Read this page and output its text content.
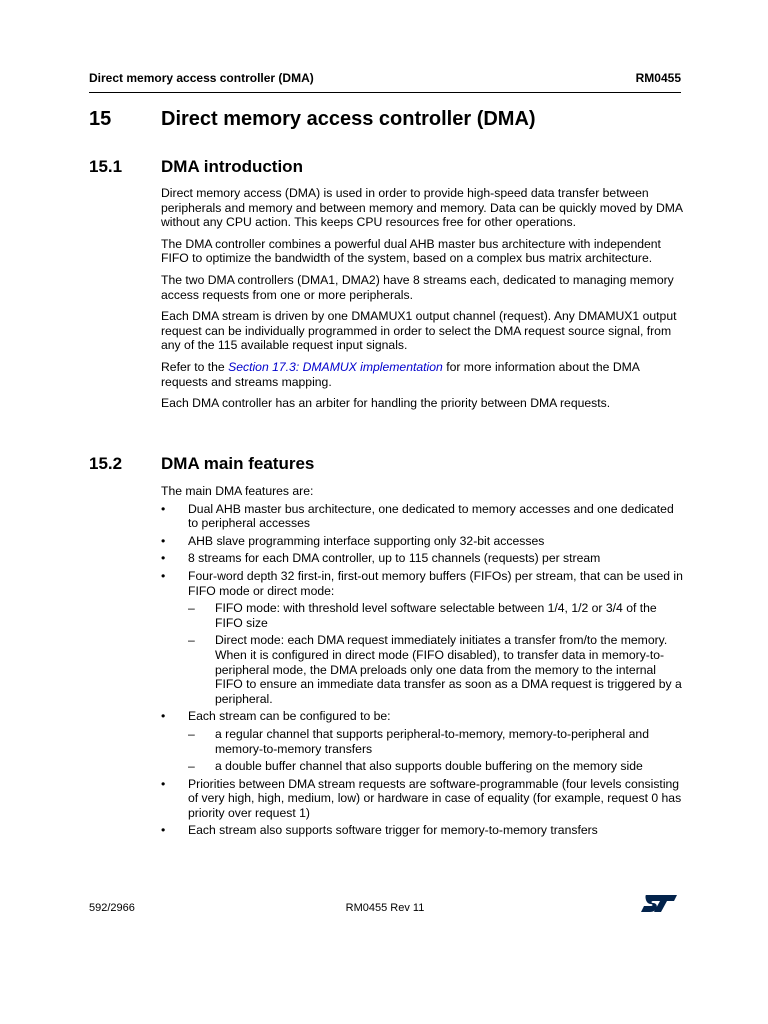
Direct memory access controller (DMA)	RM0455
15 Direct memory access controller (DMA)
15.1 DMA introduction

Direct memory access (DMA) is used in order to provide high-speed data transfer between peripherals and memory and between memory and memory. Data can be quickly moved by DMA without any CPU action. This keeps CPU resources free for other operations.

The DMA controller combines a powerful dual AHB master bus architecture with independent FIFO to optimize the bandwidth of the system, based on a complex bus matrix architecture.

The two DMA controllers (DMA1, DMA2) have 8 streams each, dedicated to managing memory access requests from one or more peripherals.

Each DMA stream is driven by one DMAMUX1 output channel (request). Any DMAMUX1 output request can be individually programmed in order to select the DMA request source signal, from any of the 115 available request input signals.

Refer to the Section 17.3: DMAMUX implementation for more information about the DMA requests and streams mapping.

Each DMA controller has an arbiter for handling the priority between DMA requests.

15.2 DMA main features

The main DMA features are:

• Dual AHB master bus architecture, one dedicated to memory accesses and one dedicated to peripheral accesses
• AHB slave programming interface supporting only 32-bit accesses
• 8 streams for each DMA controller, up to 115 channels (requests) per stream
• Four-word depth 32 first-in, first-out memory buffers (FIFOs) per stream, that can be used in FIFO mode or direct mode:
– FIFO mode: with threshold level software selectable between 1/4, 1/2 or 3/4 of the FIFO size
– Direct mode: each DMA request immediately initiates a transfer from/to the memory. When it is configured in direct mode (FIFO disabled), to transfer data in memory-to-peripheral mode, the DMA preloads only one data from the memory to the internal FIFO to ensure an immediate data transfer as soon as a DMA request is triggered by a peripheral.
• Each stream can be configured to be:
– a regular channel that supports peripheral-to-memory, memory-to-peripheral and memory-to-memory transfers
– a double buffer channel that also supports double buffering on the memory side
• Priorities between DMA stream requests are software-programmable (four levels consisting of very high, high, medium, low) or hardware in case of equality (for example, request 0 has priority over request 1)
• Each stream also supports software trigger for memory-to-memory transfers
592/2966	RM0455 Rev 11
